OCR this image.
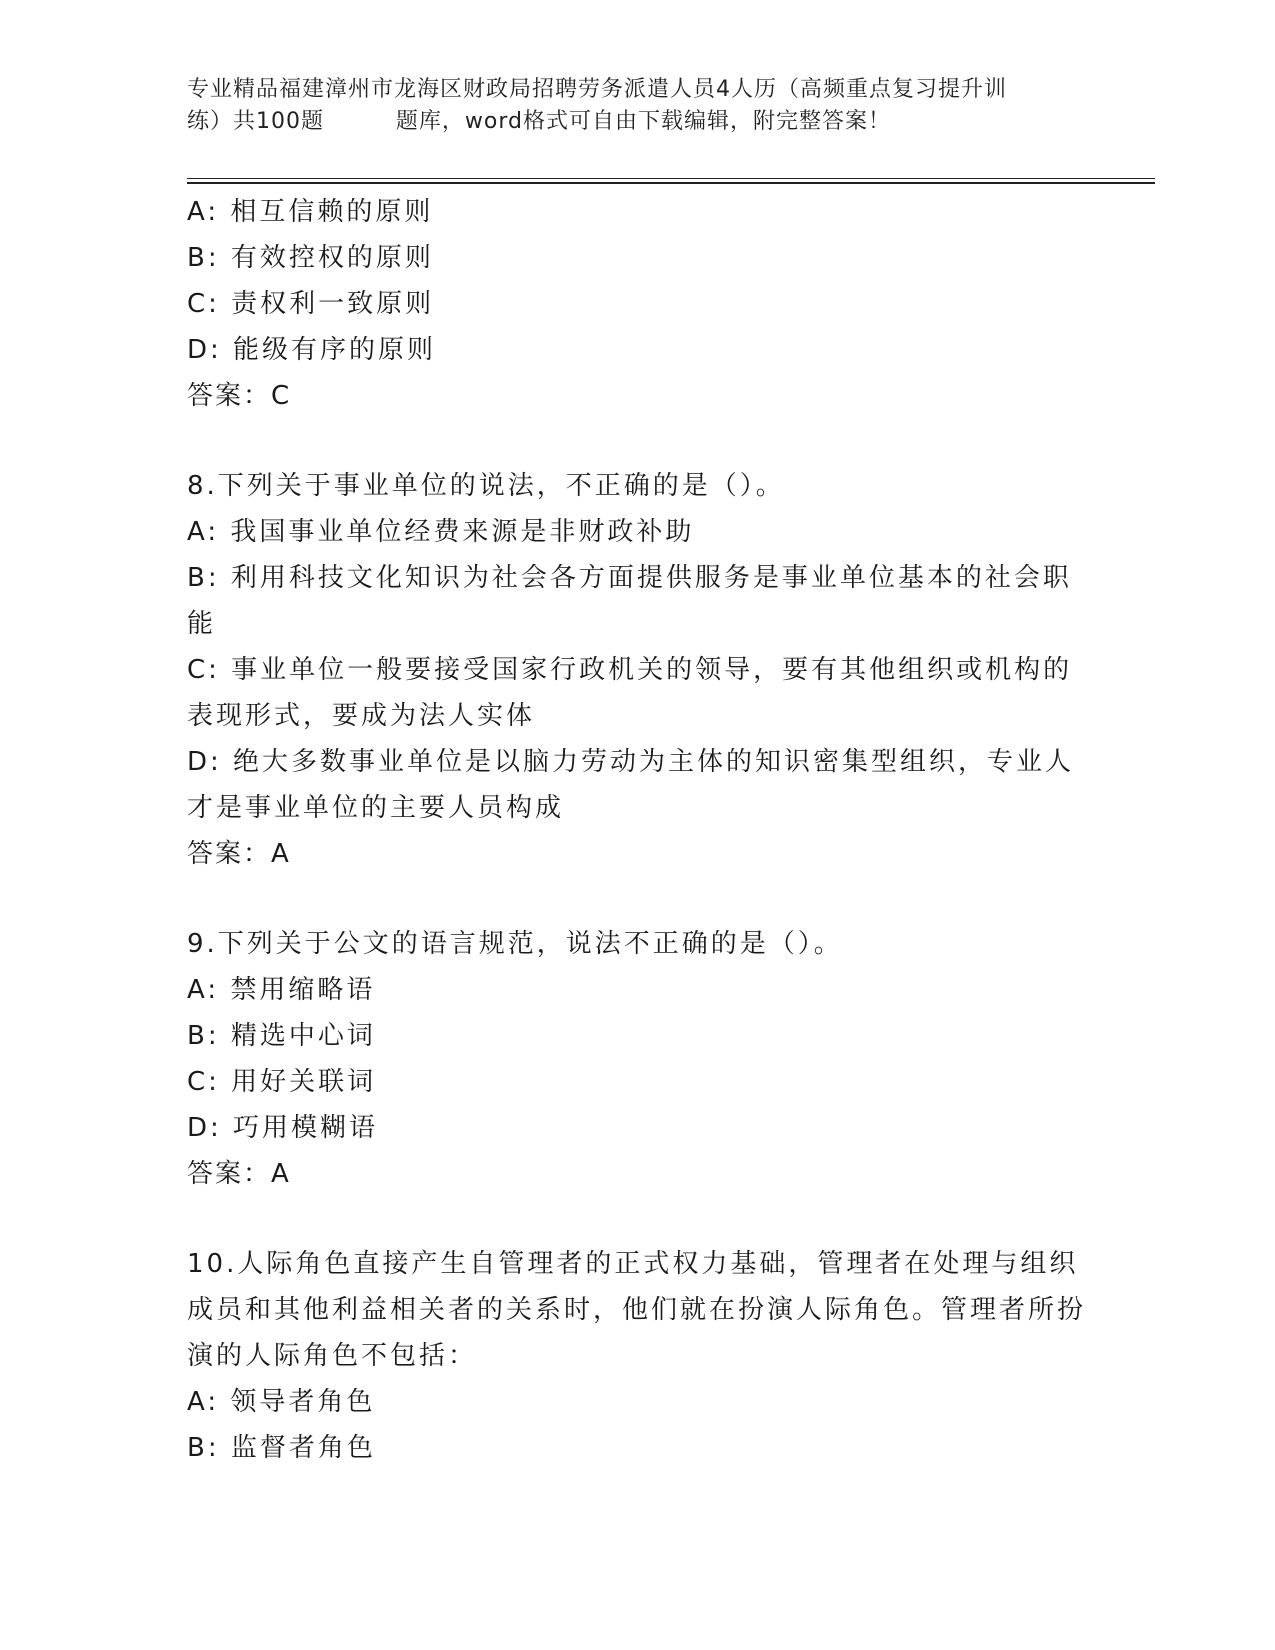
专业精品福建漳州市龙海区财政局招聘劳务派遣人员4人历（高频重点复习提升训
练）共100题         题库，word格式可自由下载编辑，附完整答案！
A: 相互信赖的原则
B: 有效控权的原则
C: 责权利一致原则
D: 能级有序的原则
答案：C
8.下列关于事业单位的说法，不正确的是（）。
A: 我国事业单位经费来源是非财政补助
B: 利用科技文化知识为社会各方面提供服务是事业单位基本的社会职能
C: 事业单位一般要接受国家行政机关的领导，要有其他组织或机构的表现形式，要成为法人实体
D: 绝大多数事业单位是以脑力劳动为主体的知识密集型组织，专业人才是事业单位的主要人员构成
答案：A
9.下列关于公文的语言规范，说法不正确的是（）。
A: 禁用缩略语
B: 精选中心词
C: 用好关联词
D: 巧用模糊语
答案：A
10.人际角色直接产生自管理者的正式权力基础，管理者在处理与组织成员和其他利益相关者的关系时，他们就在扮演人际角色。管理者所扮演的人际角色不包括：
A: 领导者角色
B: 监督者角色
